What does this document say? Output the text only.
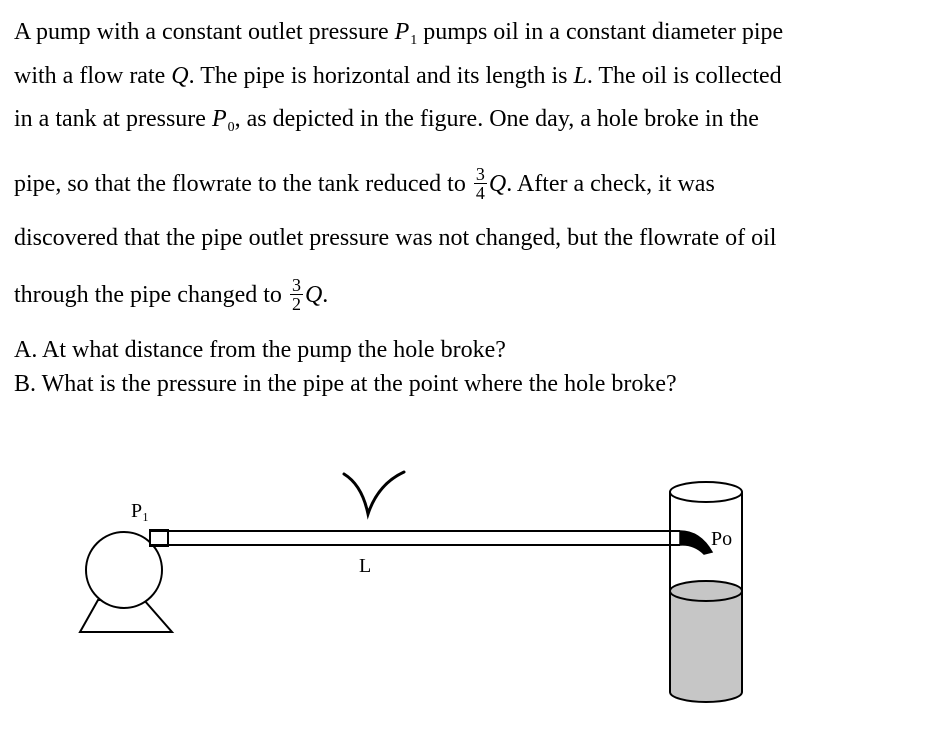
A pump with a constant outlet pressure $P_1$ pumps oil in a constant diameter pipe
with a flow rate Q. The pipe is horizontal and its length is L. The oil is collected
in a tank at pressure $P_0$, as depicted in the figure. One day, a hole broke in the
pipe, so that the flowrate to the tank reduced to $\frac{3}{4} Q$. After a check, it was
discovered that the pipe outlet pressure was not changed, but the flowrate of oil
through the pipe changed to $\frac{3}{2} Q$.
A. At what distance from the pump the hole broke?
B. What is the pressure in the pipe at the point where the hole broke?
P₁
L
Po
